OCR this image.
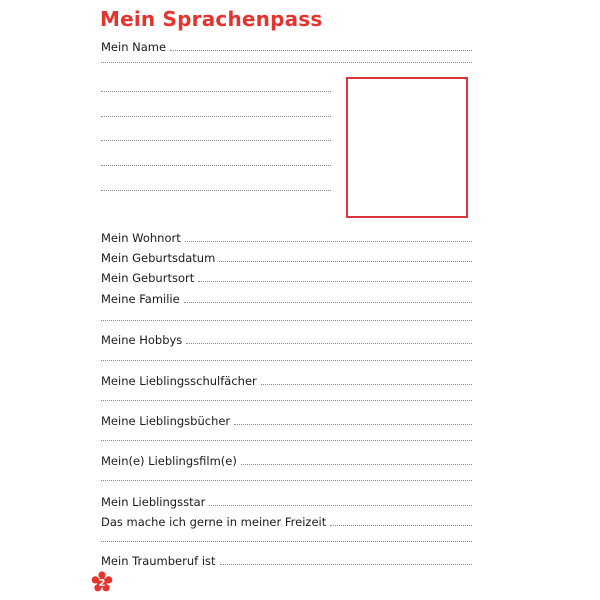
Mein Sprachenpass
Mein Name
Mein Wohnort
Mein Geburtsdatum
Mein Geburtsort
Meine Familie
Meine Hobbys
Meine Lieblingsschulfächer
Meine Lieblingsbücher
Mein(e) Lieblingsfilm(e)
Mein Lieblingsstar
Das mache ich gerne in meiner Freizeit
Mein Traumberuf ist
2
